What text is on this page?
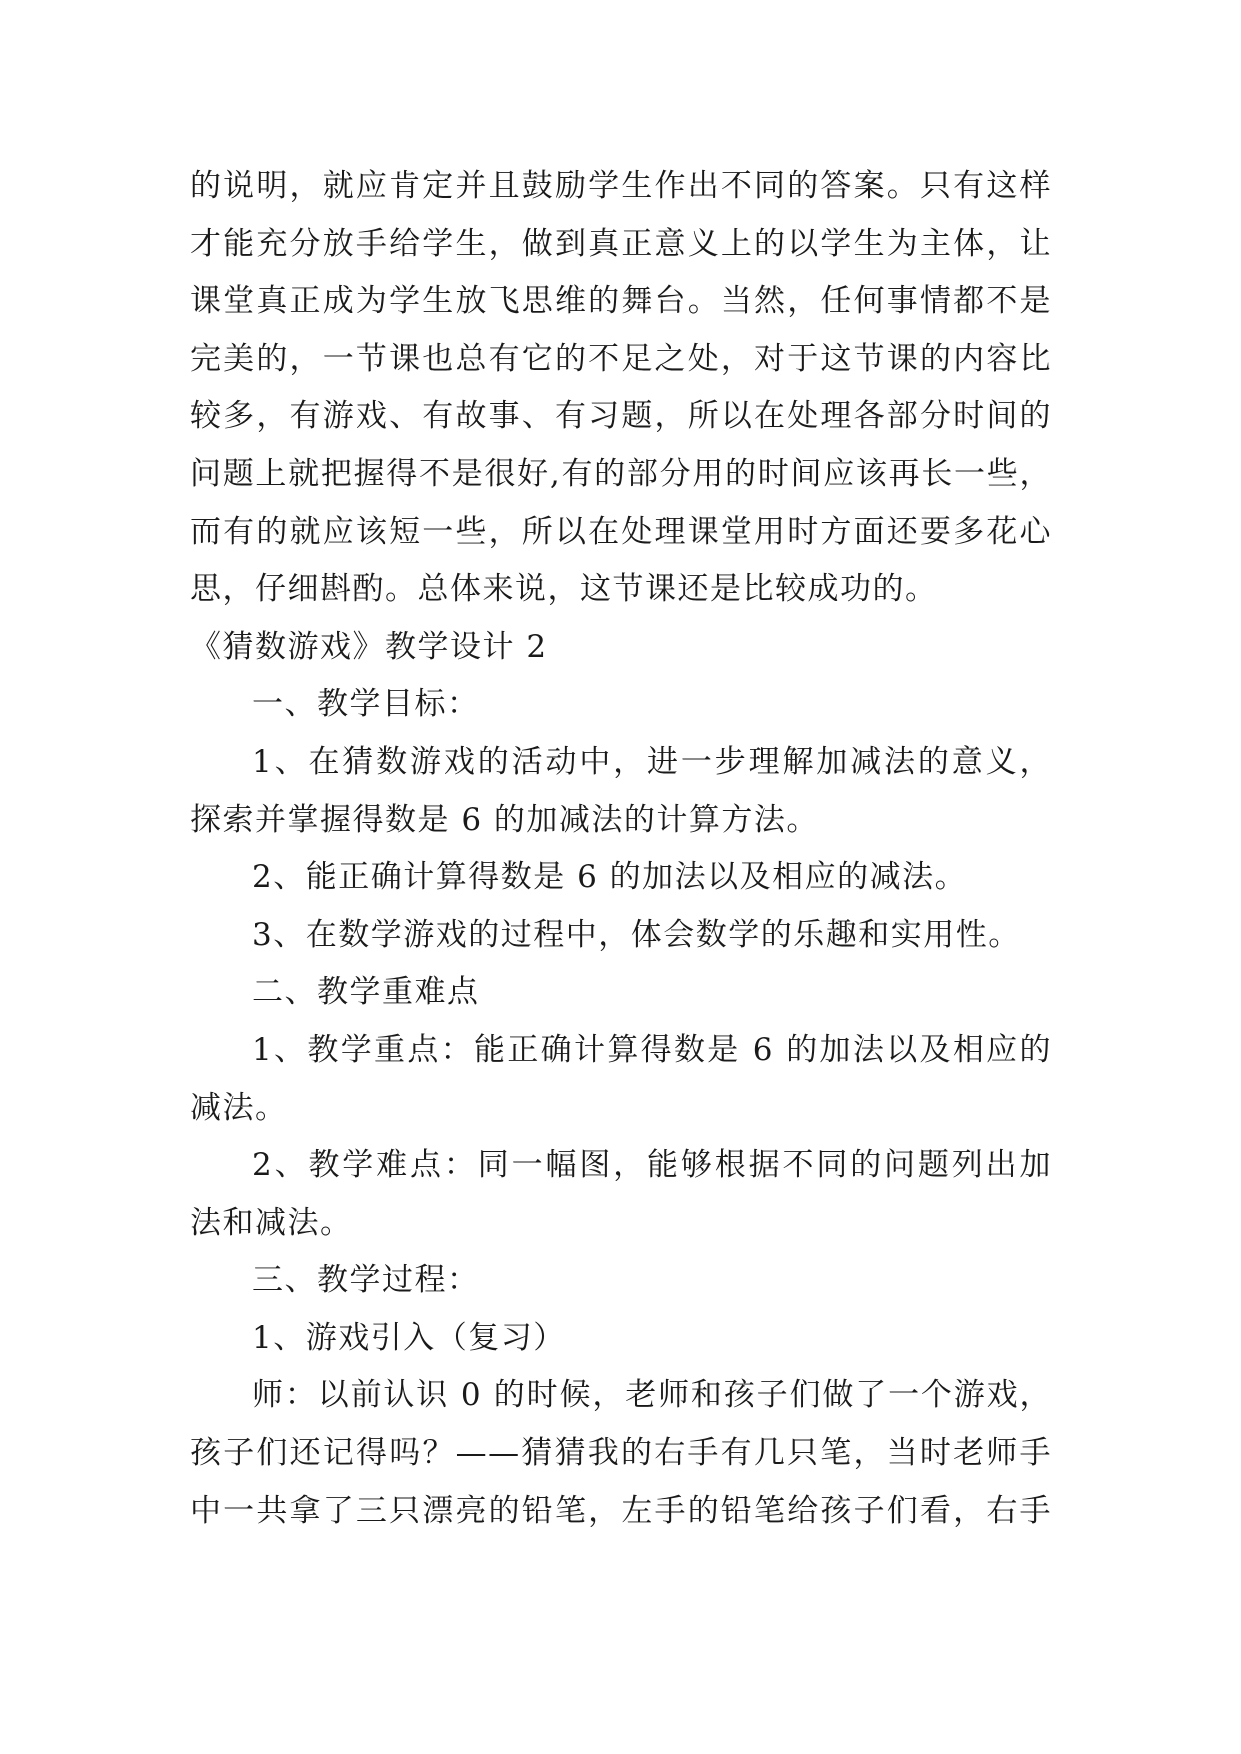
的说明，就应肯定并且鼓励学生作出不同的答案。只有这样
才能充分放手给学生，做到真正意义上的以学生为主体，让
课堂真正成为学生放飞思维的舞台。当然，任何事情都不是
完美的，一节课也总有它的不足之处，对于这节课的内容比
较多，有游戏、有故事、有习题，所以在处理各部分时间的
问题上就把握得不是很好,有的部分用的时间应该再长一些，
而有的就应该短一些，所以在处理课堂用时方面还要多花心
思，仔细斟酌。总体来说，这节课还是比较成功的。
《猜数游戏》教学设计 2
一、教学目标：
1、在猜数游戏的活动中，进一步理解加减法的意义，
探索并掌握得数是 6 的加减法的计算方法。
2、能正确计算得数是 6 的加法以及相应的减法。
3、在数学游戏的过程中，体会数学的乐趣和实用性。
二、教学重难点
1、教学重点：能正确计算得数是 6 的加法以及相应的
减法。
2、教学难点：同一幅图，能够根据不同的问题列出加
法和减法。
三、教学过程：
1、游戏引入（复习）
师：以前认识 0 的时候，老师和孩子们做了一个游戏，
孩子们还记得吗？——猜猜我的右手有几只笔，当时老师手
中一共拿了三只漂亮的铅笔，左手的铅笔给孩子们看，右手
